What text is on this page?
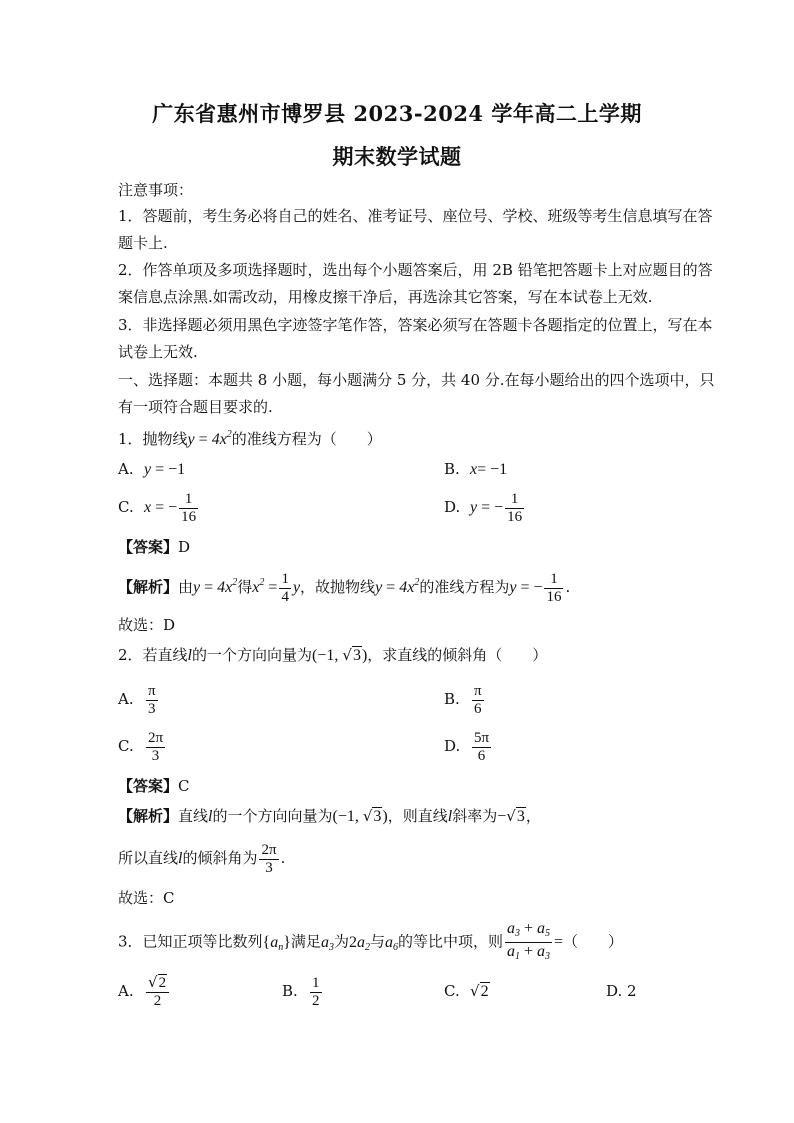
广东省惠州市博罗县 2023-2024 学年高二上学期
期末数学试题
注意事项：
1．答题前，考生务必将自己的姓名、准考证号、座位号、学校、班级等考生信息填写在答
题卡上.
2．作答单项及多项选择题时，选出每个小题答案后，用 2B 铅笔把答题卡上对应题目的答
案信息点涂黑.如需改动，用橡皮擦干净后，再选涂其它答案，写在本试卷上无效.
3．非选择题必须用黑色字迹签字笔作答，答案必须写在答题卡各题指定的位置上，写在本
试卷上无效.
一、选择题：本题共 8 小题，每小题满分 5 分，共 40 分.在每小题给出的四个选项中，只
有一项符合题目要求的.
1．抛物线$y = 4x^2$的准线方程为（　　）
A. y = −1	B. x= −1
C. x = − $\frac{1}{16}$	D. y = − $\frac{1}{16}$
【答案】D
【解析】由$y = 4x^2$得$x^2 = \frac{1}{4}$ y，故抛物线$y = 4x^2$的准线方程为y = − $\frac{1}{16}$ .
故选：D
2．若直线l的一个方向向量为(−1, √3)，求直线的倾斜角（　　）
A. $\frac{\pi}{3}$	B. $\frac{\pi}{6}$
C. $\frac{2\pi}{3}$	D. $\frac{5\pi}{6}$
【答案】C
【解析】直线l的一个方向向量为(−1, √3)，则直线l斜率为−√3，
所以直线l的倾斜角为 $\frac{2\pi}{3}$ .
故选：C
3．已知正项等比数列$\{a_n\}$满足$a_3$为$2a_2$与$a_6$的等比中项，则 $\frac{a_3 + a_5}{a_1 + a_3}$ =（　　）
A. $\frac{√2}{2}$	B. $\frac{1}{2}$	C. √2	D. 2
